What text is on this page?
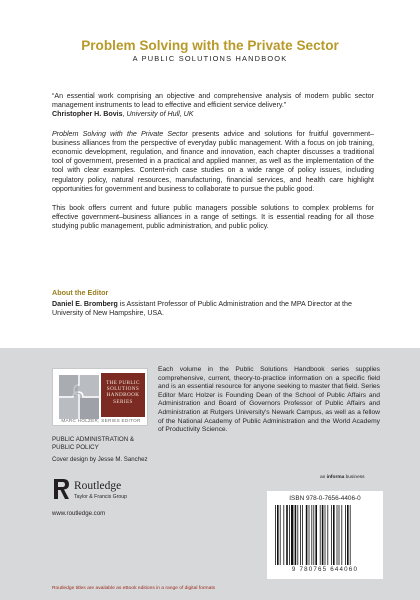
Problem Solving with the Private Sector
A PUBLIC SOLUTIONS HANDBOOK

“An essential work comprising an objective and comprehensive analysis of modern public sector management instruments to lead to effective and efficient service delivery.”
Christopher H. Bovis, University of Hull, UK

Problem Solving with the Private Sector presents advice and solutions for fruitful government–business alliances from the perspective of everyday public management. With a focus on job training, economic development, regulation, and finance and innovation, each chapter discusses a traditional tool of government, presented in a practical and applied manner, as well as the implementation of the tool with clear examples. Content-rich case studies on a wide range of policy issues, including regulatory policy, natural resources, manufacturing, financial services, and health care highlight opportunities for government and business to collaborate to pursue the public good.

This book offers current and future public managers possible solutions to complex problems for effective government–business alliances in a range of settings. It is essential reading for all those studying public management, public administration, and public policy.

About the Editor
Daniel E. Bromberg is Assistant Professor of Public Administration and the MPA Director at the University of New Hampshire, USA.
THE PUBLIC
SOLUTIONS
HANDBOOK
SERIES
MARC HOLZER, SERIES EDITOR
Each volume in the Public Solutions Handbook series supplies comprehensive, current, theory-to-practice information on a specific field and is an essential resource for anyone seeking to master that field. Series Editor Marc Holzer is Founding Dean of the School of Public Affairs and Administration and Board of Governors Professor of Public Affairs and Administration at Rutgers University's Newark Campus, as well as a fellow of the National Academy of Public Administration and the World Academy of Productivity Science.
PUBLIC ADMINISTRATION &
PUBLIC POLICY
Cover design by Jesse M. Sanchez
an informa business
Routledge
Taylor & Francis Group
www.routledge.com
ISBN 978-0-7656-4406-0
9 780765 644060
Routledge titles are available as eBook editions in a range of digital formats
